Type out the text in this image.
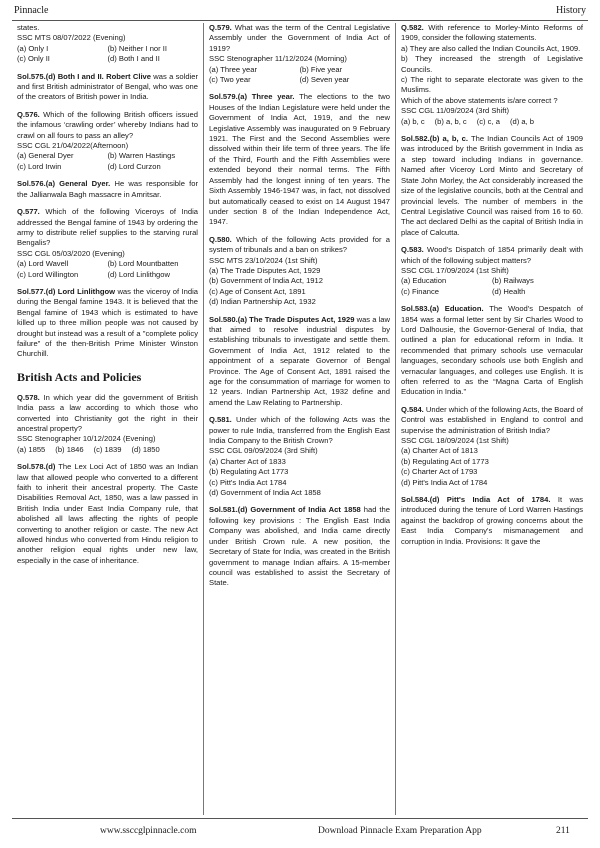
Pinnacle	History
states.
SSC MTS 08/07/2022 (Evening)
(a) Only I	(b) Neither I nor II
(c) Only II	(d) Both I and II

Sol.575.(d) Both I and II. Robert Clive was a soldier and first British administrator of Bengal, who was one of the creators of British power in India.

Q.576. Which of the following British officers issued the infamous ‘crawling order’ whereby Indians had to crawl on all fours to pass an alley?

SSC CGL 21/04/2022(Afternoon)
(a) General Dyer	(b) Warren Hastings
(c) Lord Irwin	(d) Lord Curzon

Sol.576.(a) General Dyer. He was responsible for the Jallianwala Bagh massacre in Amritsar.

Q.577. Which of the following Viceroys of India addressed the Bengal famine of 1943 by ordering the army to distribute relief supplies to the starving rural Bengalis?

SSC CGL 05/03/2020 (Evening)
(a) Lord Wavell	(b) Lord Mountbatten
(c) Lord Willington	(d) Lord Linlithgow

Sol.577.(d) Lord Linlithgow was the viceroy of India during the Bengal famine 1943. It is believed that the Bengal famine of 1943 which is estimated to have killed up to three million people was not caused by drought but instead was a result of a "complete policy failure" of the then-British Prime Minister Winston Churchill.

British Acts and Policies

Q.578. In which year did the government of British India pass a law according to which those who converted into Christianity got the right in their ancestral property?

SSC Stenographer 10/12/2024 (Evening)
(a) 1855 (b) 1846 (c) 1839 (d) 1850

Sol.578.(d) The Lex Loci Act of 1850 was an Indian law that allowed people who converted to a different faith to inherit their ancestral property. The Caste Disabilities Removal Act, 1850, was a law passed in British India under East India Company rule, that abolished all laws affecting the rights of people converting to another religion or caste. The new Act allowed hindus who converted from Hindu religion to another religion equal rights under new law, especially in the case of inheritance.

Q.579. What was the term of the Central Legislative Assembly under the Government of India Act of 1919?

SSC Stenographer 11/12/2024 (Morning)
(a) Three year	(b) Five year
(c) Two year	(d) Seven year

Sol.579.(a) Three year. The elections to the two Houses of the Indian Legislature were held under the Government of India Act, 1919, and the new Legislative Assembly was inaugurated on 9 February 1921. The First and the Second Assemblies were dissolved within their life term of three years. The life of the Third, Fourth and the Fifth Assemblies were extended beyond their normal terms. The Fifth Assembly had the longest inning of ten years. The Sixth Assembly 1946-1947 was, in fact, not dissolved but automatically ceased to exist on 14 August 1947 under section 8 of the Indian Independence Act, 1947.

Q.580. Which of the following Acts provided for a system of tribunals and a ban on strikes?

SSC MTS 23/10/2024 (1st Shift)
(a) The Trade Disputes Act, 1929
(b) Government of India Act, 1912
(c) Age of Consent Act, 1891
(d) Indian Partnership Act, 1932

Sol.580.(a) The Trade Disputes Act, 1929 was a law that aimed to resolve industrial disputes by establishing tribunals to investigate and settle them. Government of India Act, 1912 related to the appointment of a separate Governor of Bengal Province. The Age of Consent Act, 1891 raised the age for the consummation of marriage for women to 12 years. Indian Partnership Act, 1932 define and amend the Law Relating to Partnership.

Q.581. Under which of the following Acts was the power to rule India, transferred from the English East India Company to the British Crown?

SSC CGL 09/09/2024 (3rd Shift)
(a) Charter Act of 1833
(b) Regulating Act 1773
(c) Pitt's India Act 1784
(d) Government of India Act 1858

Sol.581.(d) Government of India Act 1858 had the following key provisions : The English East India Company was abolished, and India came directly under British Crown rule. A new position, the Secretary of State for India, was created in the British government to manage Indian affairs. A 15-member council was established to assist the Secretary of State.

Q.582. With reference to Morley-Minto Reforms of 1909, consider the following statements.

a) They are also called the Indian Councils Act, 1909.
b) They increased the strength of Legislative Councils.
c) The right to separate electorate was given to the Muslims.
Which of the above statements is/are correct ?
SSC CGL 11/09/2024 (3rd Shift)
(a) b, c (b) a, b, c (c) c, a (d) a, b

Sol.582.(b) a, b, c. The Indian Councils Act of 1909 was introduced by the British government in India as a step toward including Indians in governance. Named after Viceroy Lord Minto and Secretary of State John Morley, the Act considerably increased the size of the legislative councils, both at the Central and provincial levels. The number of members in the Central Legislative Council was raised from 16 to 60. The act declared Delhi as the capital of British India in place of Calcutta.

Q.583. Wood’s Dispatch of 1854 primarily dealt with which of the following subject matters?

SSC CGL 17/09/2024 (1st Shift)
(a) Education	(b) Railways
(c) Finance	(d) Health

Sol.583.(a) Education. The Wood's Despatch of 1854 was a formal letter sent by Sir Charles Wood to Lord Dalhousie, the Governor-General of India, that outlined a plan for educational reform in India. It recommended that primary schools use vernacular languages, secondary schools use both English and vernacular languages, and colleges use English. It is often referred to as the “Magna Carta of English Education in India.”

Q.584. Under which of the following Acts, the Board of Control was established in England to control and supervise the administration of British India?

SSC CGL 18/09/2024 (1st Shift)
(a) Charter Act of 1813
(b) Regulating Act of 1773
(c) Charter Act of 1793
(d) Pitt's India Act of 1784

Sol.584.(d) Pitt's India Act of 1784. It was introduced during the tenure of Lord Warren Hastings against the backdrop of growing concerns about the East India Company's mismanagement and corruption in India. Provisions: It gave the

www.ssccglpinnacle.com	Download Pinnacle Exam Preparation App	211
